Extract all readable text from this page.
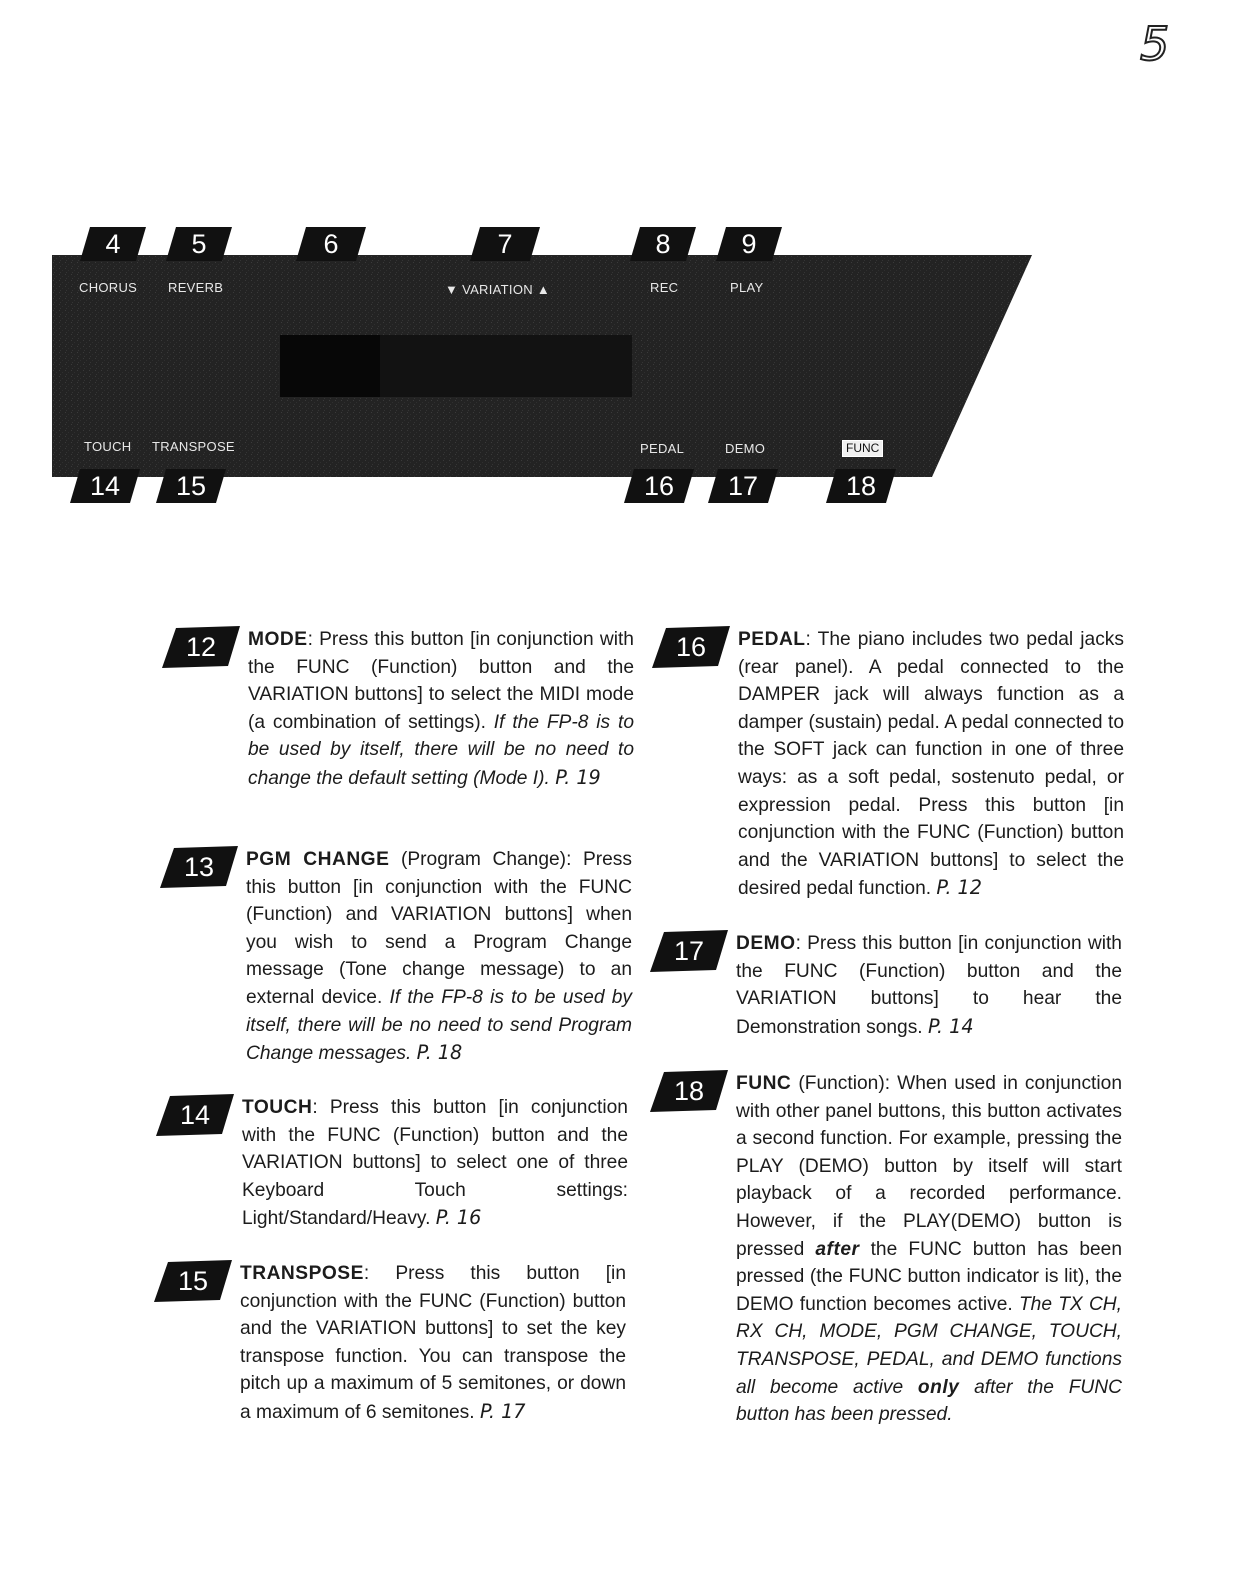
5
4	5	6	7	8	9
CHORUS REVERB	▼ VARIATION ▲	REC	PLAY
TOUCH TRANSPOSE	PEDAL	DEMO	FUNC
14	15	16	17	18
12	MODE: Press this button [in conjunction with the FUNC (Function) button and the VARIATION buttons] to select the MIDI mode (a combination of settings). If the FP-8 is to be used by itself, there will be no need to change the default setting (Mode I). P. 19
13	PGM CHANGE (Program Change): Press this button [in conjunction with the FUNC (Function) and VARIATION buttons] when you wish to send a Program Change message (Tone change message) to an external device. If the FP-8 is to be used by itself, there will be no need to send Program Change messages. P. 18
14	TOUCH: Press this button [in conjunction with the FUNC (Function) button and the VARIATION buttons] to select one of three Keyboard Touch settings: Light/Standard/Heavy. P. 16
15	TRANSPOSE: Press this button [in conjunction with the FUNC (Function) button and the VARIATION buttons] to set the key transpose function. You can transpose the pitch up a maximum of 5 semitones, or down a maximum of 6 semitones. P. 17
16	PEDAL: The piano includes two pedal jacks (rear panel). A pedal connected to the DAMPER jack will always function as a damper (sustain) pedal. A pedal connected to the SOFT jack can function in one of three ways: as a soft pedal, sostenuto pedal, or expression pedal. Press this button [in conjunction with the FUNC (Function) button and the VARIATION buttons] to select the desired pedal function. P. 12
17	DEMO: Press this button [in conjunction with the FUNC (Function) button and the VARIATION buttons] to hear the Demonstration songs. P. 14
18	FUNC (Function): When used in conjunction with other panel buttons, this button activates a second function. For example, pressing the PLAY (DEMO) button by itself will start playback of a recorded performance. However, if the PLAY(DEMO) button is pressed after the FUNC button has been pressed (the FUNC button indicator is lit), the DEMO function becomes active. The TX CH, RX CH, MODE, PGM CHANGE, TOUCH, TRANSPOSE, PEDAL, and DEMO functions all become active only after the FUNC button has been pressed.
